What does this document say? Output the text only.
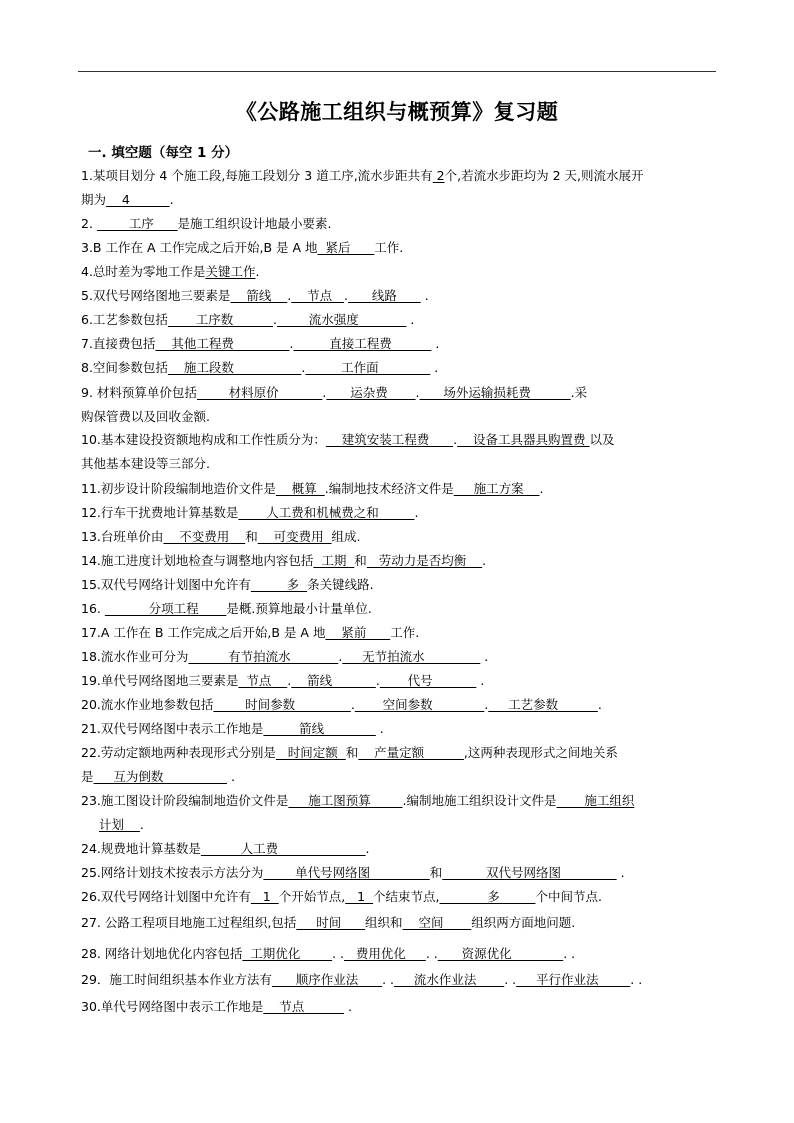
《公路施工组织与概预算》复习题
一. 填空题（每空 1 分）
1.某项目划分 4 个施工段,每施工段划分 3 道工序,流水步距共有 2个,若流水步距均为 2 天,则流水展开
期为    4          .
2.         工序      是施工组织设计地最小要素.
3.B 工作在 A 工作完成之后开始,B 是 A 地  紧后      工作.
4.总时差为零地工作是关键工作.
5.双代号网络图地三要素是    箭线    .    节点   .      线路       .
6.工艺参数包括       工序数          .        流水强度             .
7.直接费包括    其他工程费              .         直接工程费           .
8.空间参数包括    施工段数                 .         工作面              .
9. 材料预算单价包括        材料原价           .      运杂费       .      场外运输损耗费          .采
购保管费以及回收金额.
10.基本建设投资额地构成和工作性质分为：    建筑安装工程费      .    设备工具器具购置费 以及
其他基本建设等三部分.
11.初步设计阶段编制地造价文件是    概算  .编制地技术经济文件是     施工方案    .
12.行车干扰费地计算基数是       人工费和机械费之和         .
13.台班单价由    不变费用    和    可变费用  组成.
14.施工进度计划地检查与调整地内容包括  工期  和   劳动力是否均衡    .
15.双代号网络计划图中允许有         多  条关键线路.
16.            分项工程       是概.预算地最小计量单位.
17.A 工作在 B 工作完成之后开始,B 是 A 地    紧前      工作.
18.流水作业可分为          有节拍流水            .     无节拍流水               .
19.单代号网络图地三要素是  节点    .    箭线           .       代号            .
20.流水作业地参数包括        时间参数              .       空间参数             .     工艺参数          .
21.双代号网络图中表示工作地是         箭线              .
22.劳动定额地两种表现形式分别是   时间定额  和    产量定额          ,这两种表现形式之间地关系
是     互为倒数                 .
23.施工图设计阶段编制地造价文件是     施工图预算        .编制地施工组织设计文件是       施工组织
计划 .
24.规费地计算基数是          人工费                      .
25.网络计划技术按表示方法分为        单代号网络图               和           双代号网络图               .
26.双代号网络计划图中允许有   1  个开始节点,   1  个结束节点,            多         个中间节点.
27. 公路工程项目地施工过程组织,包括     时间      组织和    空间       组织两方面地问题.
28. 网络计划地优化内容包括  工期优化        . .   费用优化     . .      资源优化             . .
29．施工时间组织基本作业方法有      顺序作业法      . .     流水作业法       . .     平行作业法        . .
30.单代号网络图中表示工作地是    节点           .
